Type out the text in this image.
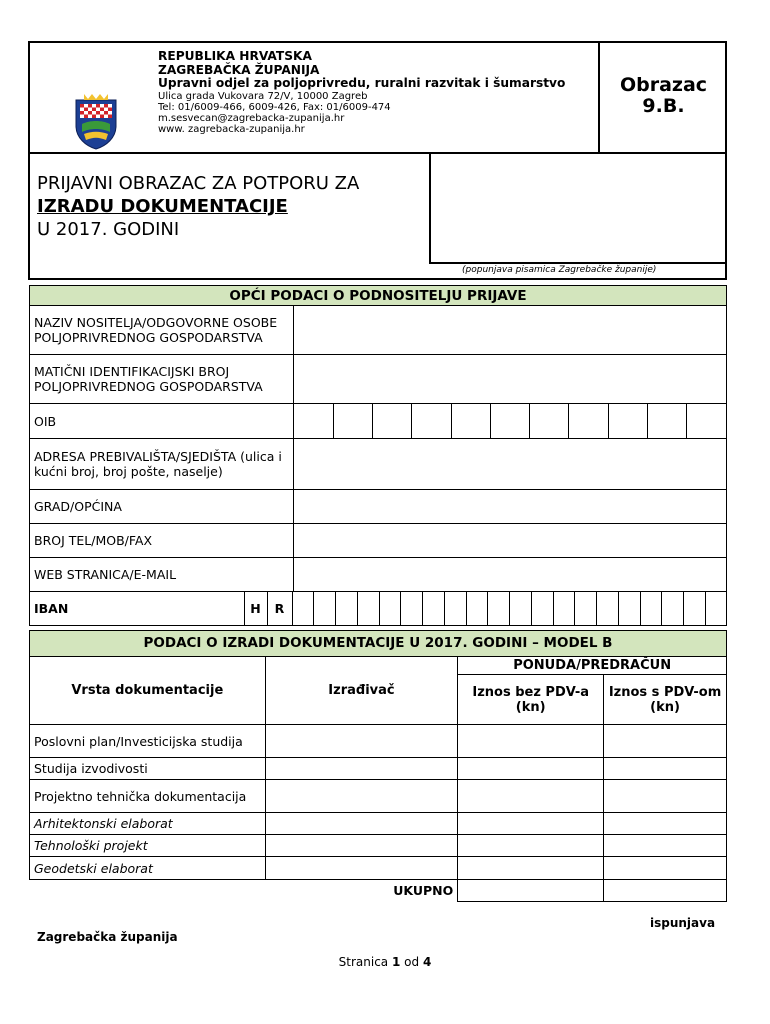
REPUBLIKA HRVATSKA
ZAGREBAČKA ŽUPANIJA
Upravni odjel za poljoprivredu, ruralni razvitak i šumarstvo
Ulica grada Vukovara 72/V, 10000 Zagreb
Tel: 01/6009-466, 6009-426, Fax: 01/6009-474
m.sesvecan@zagrebacka-zupanija.hr
www. zagrebacka-zupanija.hr
Obrazac
9.B.
PRIJAVNI OBRAZAC ZA POTPORU ZA
IZRADU DOKUMENTACIJE
U 2017. GODINI
(popunjava pisamica Zagrebačke županije)
OPĆI PODACI O PODNOSITELJU PRIJAVE
NAZIV NOSITELJA/ODGOVORNE OSOBE POLJOPRIVREDNOG GOSPODARSTVA	
MATIČNI IDENTIFIKACIJSKI BROJ POLJOPRIVREDNOG GOSPODARSTVA	
OIB	

ADRESA PREBIVALIŠTA/SJEDIŠTA (ulica i kućni broj, broj pošte, naselje)	
GRAD/OPĆINA	
BROJ TEL/MOB/FAX	
WEB STRANICA/E-MAIL	

IBAN	H	R																				
PODACI O IZRADI DOKUMENTACIJE U 2017. GODINI – MODEL B			
Vrsta dokumentacije	Izrađivač	PONUDA/PREDRAČUN	
		Iznos bez PDV-a (kn)	Iznos s PDV-om (kn)
Poslovni plan/Investicijska studija			
Studija izvodivosti			
Projektno tehnička dokumentacija			
Arhitektonski elaborat			
Tehnološki projekt			
Geodetski elaborat			
UKUPNO			
ispunjava
Zagrebačka županija
Stranica 1 od 4
